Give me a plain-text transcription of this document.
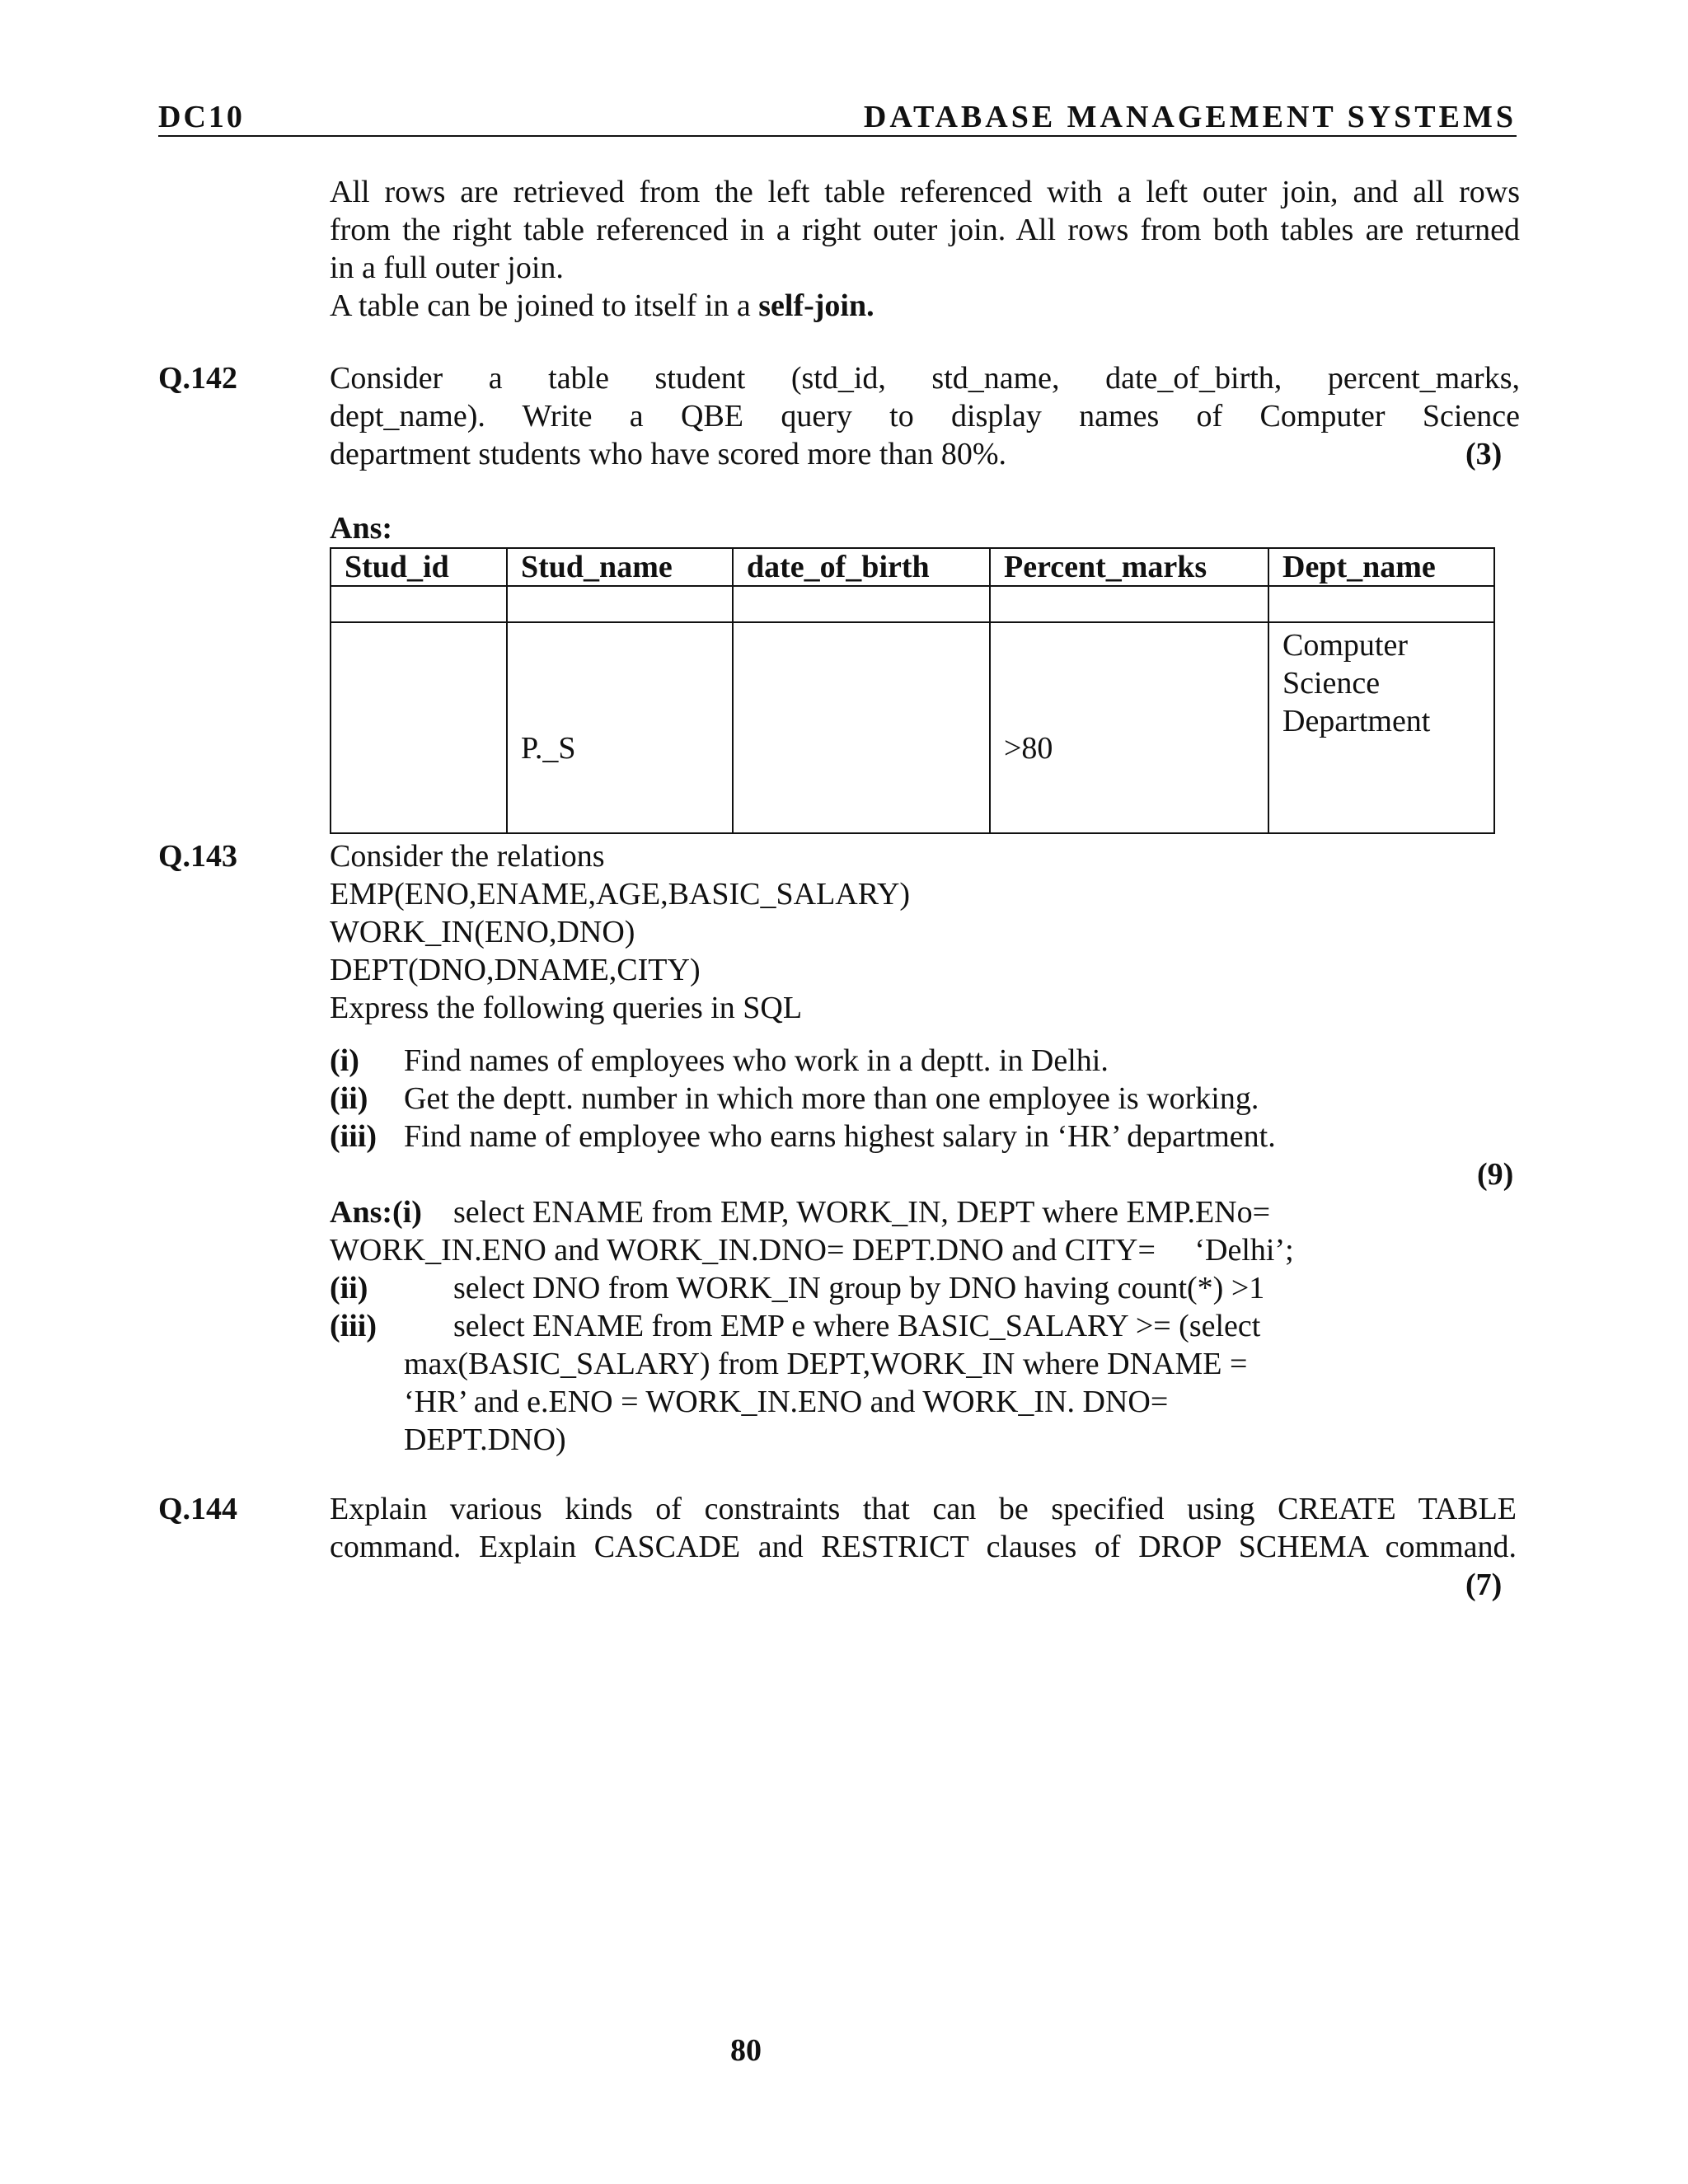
DC10	DATABASE MANAGEMENT SYSTEMS
All rows are retrieved from the left table referenced with a left outer join, and all rows
from the right table referenced in a right outer join. All rows from both tables are returned
in a full outer join.
A table can be joined to itself in a self-join.
Q.142	Consider a table student (std_id, std_name, date_of_birth, percent_marks,
dept_name). Write a QBE query to display names of Computer Science
department students who have scored more than 80%.	(3)
Ans:
Stud_id	Stud_name	date_of_birth	Percent_marks	Dept_name

	P._S		>80	Computer
Science
Department
Q.143	Consider the relations
EMP(ENO,ENAME,AGE,BASIC_SALARY)
WORK_IN(ENO,DNO)
DEPT(DNO,DNAME,CITY)
Express the following queries in SQL
(i) Find names of employees who work in a deptt. in Delhi.
(ii) Get the deptt. number in which more than one employee is working.
(iii) Find name of employee who earns highest salary in ‘HR’ department.
(9)
Ans:(i) select ENAME from EMP, WORK_IN, DEPT where EMP.ENo=
WORK_IN.ENO and WORK_IN.DNO= DEPT.DNO and CITY=     ‘Delhi’;
(ii)	select DNO from WORK_IN group by DNO having count(*) >1
(iii) select ENAME from EMP e where BASIC_SALARY >= (select
max(BASIC_SALARY) from DEPT,WORK_IN where DNAME =
‘HR’ and e.ENO = WORK_IN.ENO and WORK_IN. DNO=
DEPT.DNO)
Q.144	Explain various kinds of constraints that can be specified using CREATE TABLE
command. Explain CASCADE and RESTRICT clauses of DROP SCHEMA command.
(7)
80
